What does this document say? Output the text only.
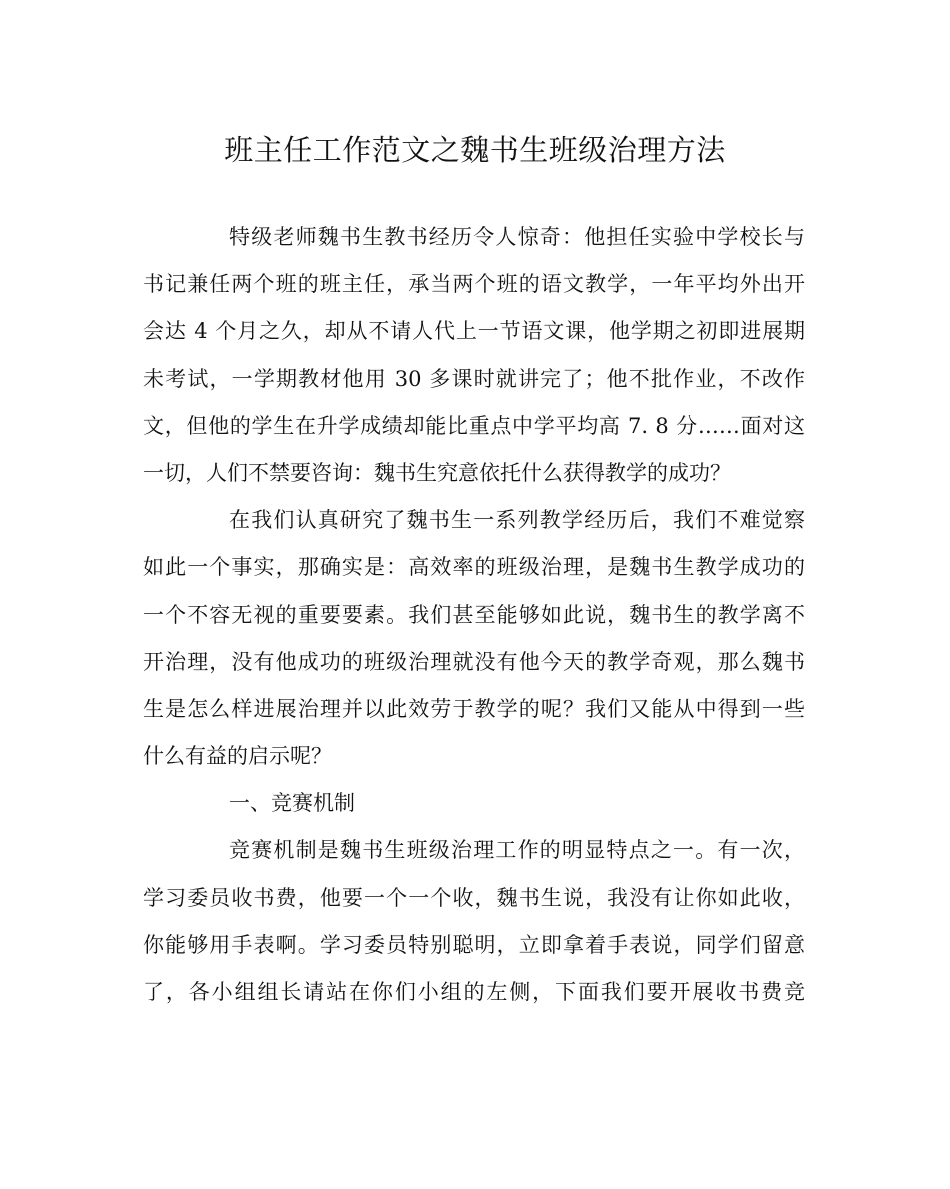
班主任工作范文之魏书生班级治理方法
特级老师魏书生教书经历令人惊奇：他担任实验中学校长与
书记兼任两个班的班主任，承当两个班的语文教学，一年平均外出开
会达 4 个月之久，却从不请人代上一节语文课，他学期之初即进展期
未考试，一学期教材他用 30 多课时就讲完了；他不批作业，不改作
文，但他的学生在升学成绩却能比重点中学平均高 7. 8 分……面对这
一切，人们不禁要咨询：魏书生究意依托什么获得教学的成功？
在我们认真研究了魏书生一系列教学经历后，我们不难觉察
如此一个事实，那确实是：高效率的班级治理，是魏书生教学成功的
一个不容无视的重要要素。我们甚至能够如此说，魏书生的教学离不
开治理，没有他成功的班级治理就没有他今天的教学奇观，那么魏书
生是怎么样进展治理并以此效劳于教学的呢？我们又能从中得到一些
什么有益的启示呢？
一、竞赛机制
竞赛机制是魏书生班级治理工作的明显特点之一。有一次，
学习委员收书费，他要一个一个收，魏书生说，我没有让你如此收，
你能够用手表啊。学习委员特别聪明，立即拿着手表说，同学们留意
了，各小组组长请站在你们小组的左侧，下面我们要开展收书费竞
